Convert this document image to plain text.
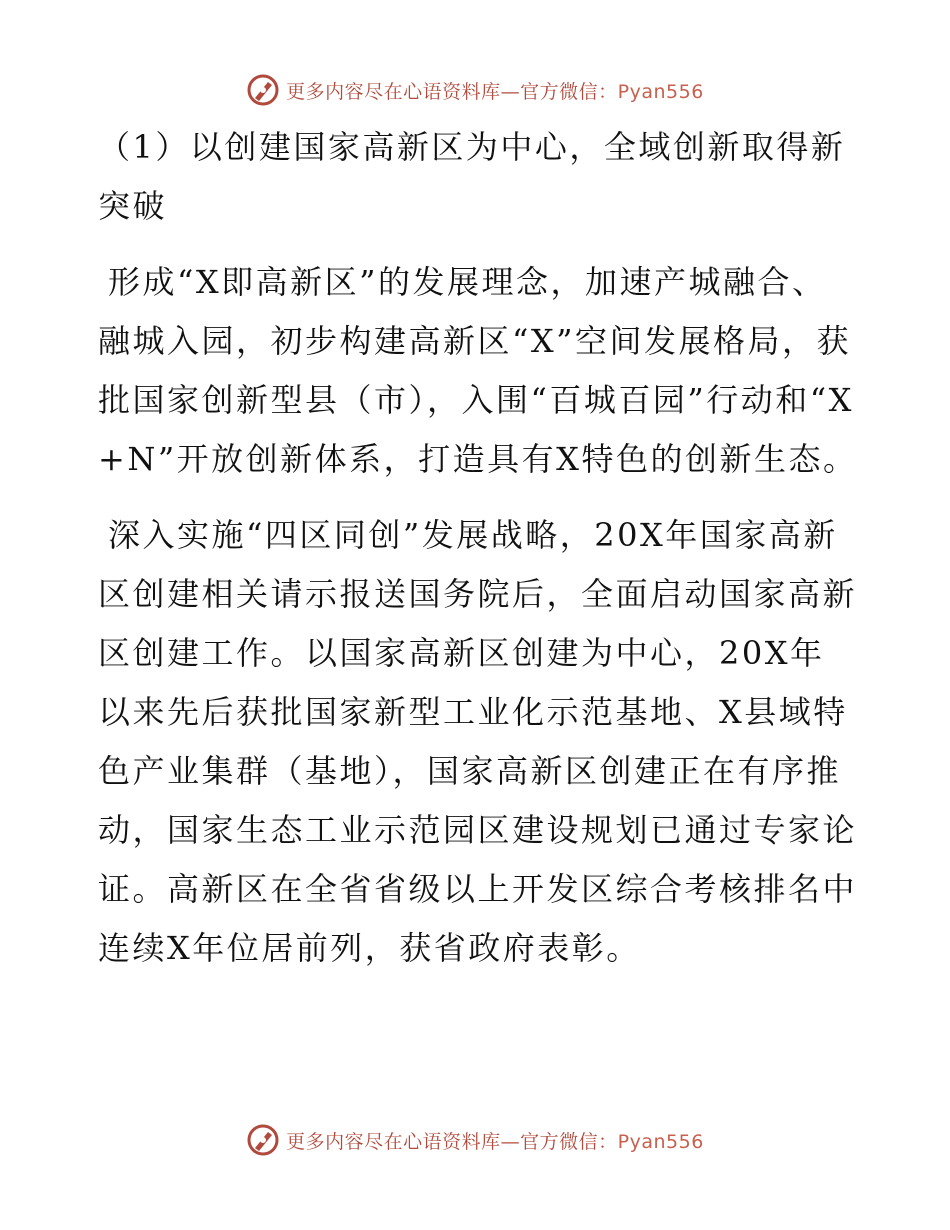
更多内容尽在心语资料库—官方微信：Pyan556

（1）以创建国家高新区为中心，全域创新取得新突破

形成“X即高新区”的发展理念，加速产城融合、融城入园，初步构建高新区“X”空间发展格局，获批国家创新型县（市），入围“百城百园”行动和“X+N”开放创新体系，打造具有X特色的创新生态。

深入实施“四区同创”发展战略，20X年国家高新区创建相关请示报送国务院后，全面启动国家高新区创建工作。以国家高新区创建为中心，20X年以来先后获批国家新型工业化示范基地、X县域特色产业集群（基地），国家高新区创建正在有序推动，国家生态工业示范园区建设规划已通过专家论证。高新区在全省省级以上开发区综合考核排名中连续X年位居前列，获省政府表彰。

更多内容尽在心语资料库—官方微信：Pyan556
